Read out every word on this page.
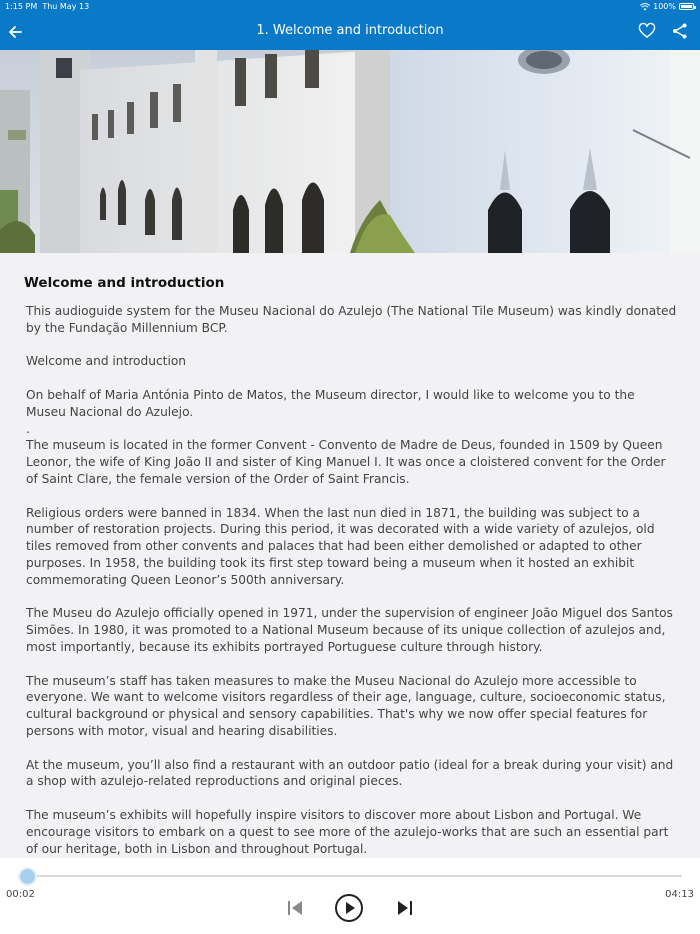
1:15 PM Thu May 13	100%
1. Welcome and introduction
Welcome and introduction

This audioguide system for the Museu Nacional do Azulejo (The National Tile Museum) was kindly donated by the Fundação Millennium BCP.

Welcome and introduction

On behalf of Maria Antónia Pinto de Matos, the Museum director, I would like to welcome you to the Museu Nacional do Azulejo.

.

The museum is located in the former Convent - Convento de Madre de Deus, founded in 1509 by Queen Leonor, the wife of King João II and sister of King Manuel I. It was once a cloistered convent for the Order of Saint Clare, the female version of the Order of Saint Francis.

Religious orders were banned in 1834. When the last nun died in 1871, the building was subject to a number of restoration projects. During this period, it was decorated with a wide variety of azulejos, old tiles removed from other convents and palaces that had been either demolished or adapted to other purposes. In 1958, the building took its first step toward being a museum when it hosted an exhibit commemorating Queen Leonor’s 500th anniversary.

The Museu do Azulejo officially opened in 1971, under the supervision of engineer João Miguel dos Santos Simões. In 1980, it was promoted to a National Museum because of its unique collection of azulejos and, most importantly, because its exhibits portrayed Portuguese culture through history.

The museum’s staff has taken measures to make the Museu Nacional do Azulejo more accessible to everyone. We want to welcome visitors regardless of their age, language, culture, socioeconomic status, cultural background or physical and sensory capabilities. That's why we now offer special features for persons with motor, visual and hearing disabilities.

At the museum, you’ll also find a restaurant with an outdoor patio (ideal for a break during your visit) and a shop with azulejo-related reproductions and original pieces.

The museum’s exhibits will hopefully inspire visitors to discover more about Lisbon and Portugal. We encourage visitors to embark on a quest to see more of the azulejo-works that are such an essential part of our heritage, both in Lisbon and throughout Portugal.

00:02	04:13
